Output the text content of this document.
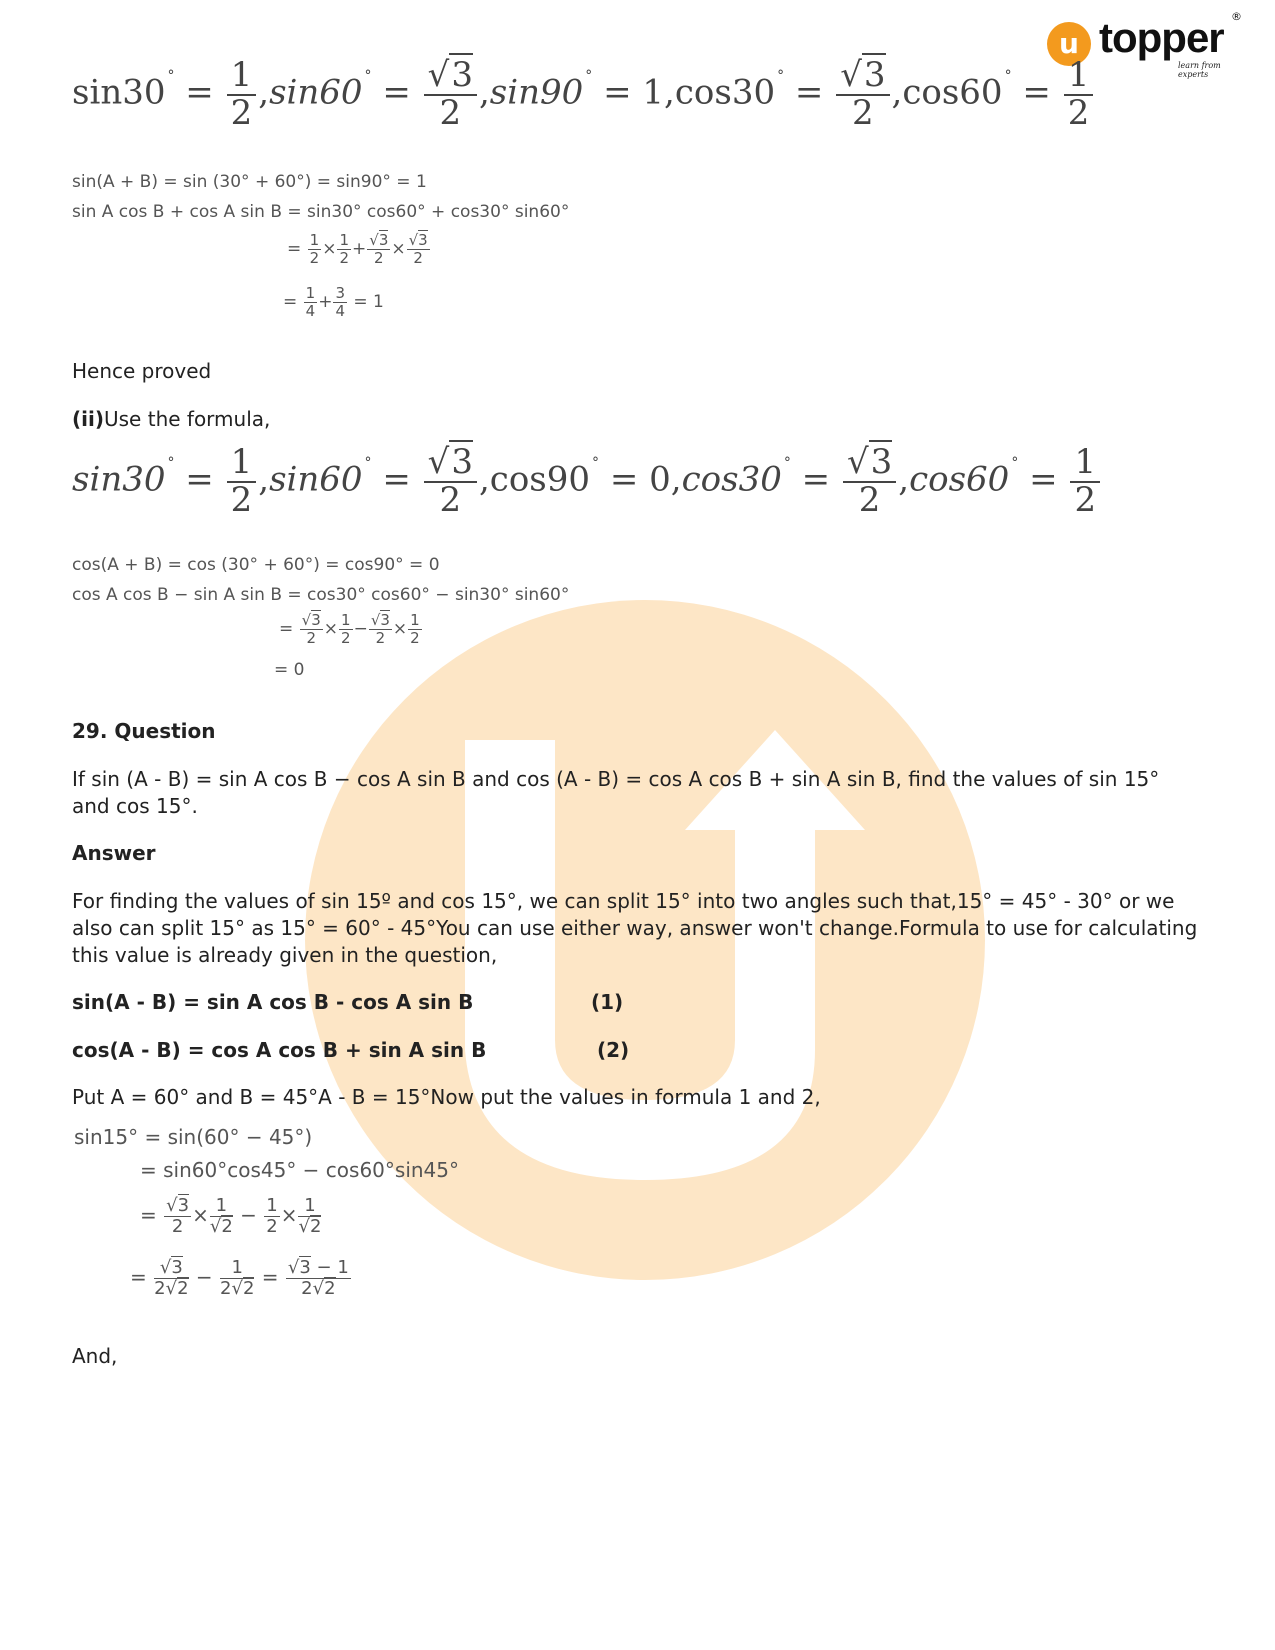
u topper
learn from experts
®
sin30 $^\circ = \frac{1}{2} ,\sin 60$ $^\circ = \frac{√3}{2} ,\sin 90$ ° = 1,cos30 $^\circ = \frac{√3}{2} ,\cos 60$ $^\circ = \frac{1}{2}$
sin(A + B) = sin (30° + 60°) = sin90° = 1
sin A cos B + cos A sin B = sin30° cos60° + cos30° sin60°
= $\frac{1}{2} \times \frac{1}{2} + \frac{√3}{2} \times \frac{√3}{2}$
= $\frac{1}{4} + \frac{3}{4} = 1$
Hence proved
(ii)Use the formula,
sin30 $^\circ = \frac{1}{2} ,\sin 60$ $^\circ = \frac{√3}{2} ,\cos 90$ ° = 0,cos30 $^\circ = \frac{√3}{2} ,\cos 60$ $^\circ = \frac{1}{2}$
cos(A + B) = cos (30° + 60°) = cos90° = 0
cos A cos B − sin A sin B = cos30° cos60° − sin30° sin60°
= $\frac{√3}{2} \times \frac{1}{2} - \frac{√3}{2} \times \frac{1}{2}$
= 0
29. Question
If sin (A - B) = sin A cos B − cos A sin B and cos (A - B) = cos A cos B + sin A sin B, find the values of sin 15° and cos 15°.
Answer
For finding the values of sin 15º and cos 15°, we can split 15° into two angles such that,15° = 45° - 30° or we also can split 15° as 15° = 60° - 45°You can use either way, answer won't change.Formula to use for calculating this value is already given in the question,
sin(A - B) = sin A cos B - cos A sin B	(1)
cos(A - B) = cos A cos B + sin A sin B	(2)
Put A = 60° and B = 45°A - B = 15°Now put the values in formula 1 and 2,
sin15° = sin(60° − 45°)
= sin60°cos45° − cos60°sin45°
= $\frac{√3}{2} \times \frac{1}{√2} - \frac{1}{2} \times \frac{1}{√2}$
= $\frac{√3}{2√2} - \frac{1}{2√2} = \frac{√3 - 1}{2√2}$
And,
